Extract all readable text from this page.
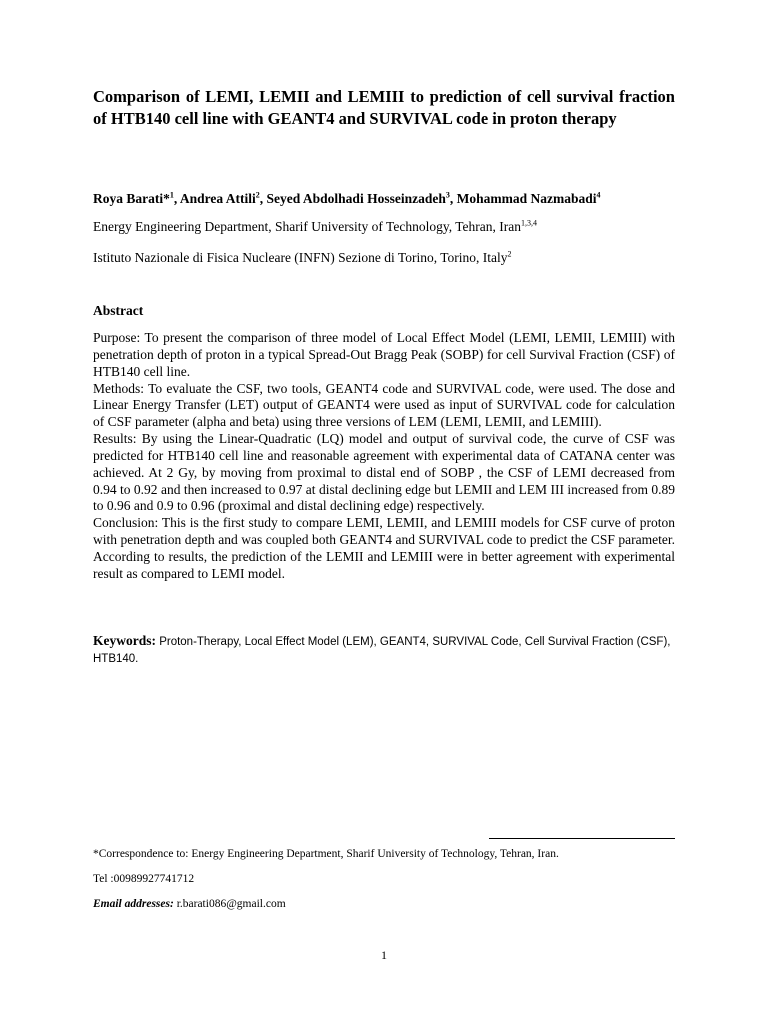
Comparison of LEMI, LEMII and LEMIII to prediction of cell survival fraction of HTB140 cell line with GEANT4 and SURVIVAL code in proton therapy
Roya Barati*$^1$, Andrea Attili$^2$, Seyed Abdolhadi Hosseinzadeh$^3$, Mohammad Nazmabadi$^4$
Energy Engineering Department, Sharif University of Technology, Tehran, Iran$^{1,3,4}$
Istituto Nazionale di Fisica Nucleare (INFN) Sezione di Torino, Torino, Italy$^2$
Abstract

Purpose: To present the comparison of three model of Local Effect Model (LEMI, LEMII, LEMIII) with penetration depth of proton in a typical Spread-Out Bragg Peak (SOBP) for cell Survival Fraction (CSF) of HTB140 cell line.

Methods: To evaluate the CSF, two tools, GEANT4 code and SURVIVAL code, were used. The dose and Linear Energy Transfer (LET) output of GEANT4 were used as input of SURVIVAL code for calculation of CSF parameter (alpha and beta) using three versions of LEM (LEMI, LEMII, and LEMIII).

Results: By using the Linear-Quadratic (LQ) model and output of survival code, the curve of CSF was predicted for HTB140 cell line and reasonable agreement with experimental data of CATANA center was achieved. At 2 Gy, by moving from proximal to distal end of SOBP , the CSF of LEMI decreased from 0.94 to 0.92 and then increased to 0.97 at distal declining edge but LEMII and LEM III increased from 0.89 to 0.96 and 0.9 to 0.96 (proximal and distal declining edge) respectively.

Conclusion: This is the first study to compare LEMI, LEMII, and LEMIII models for CSF curve of proton with penetration depth and was coupled both GEANT4 and SURVIVAL code to predict the CSF parameter. According to results, the prediction of the LEMII and LEMIII were in better agreement with experimental result as compared to LEMI model.

Keywords: Proton-Therapy, Local Effect Model (LEM), GEANT4, SURVIVAL Code, Cell Survival Fraction (CSF), HTB140.
*Correspondence to: Energy Engineering Department, Sharif University of Technology, Tehran, Iran.
Tel :00989927741712
Email addresses: r.barati086@gmail.com
1
